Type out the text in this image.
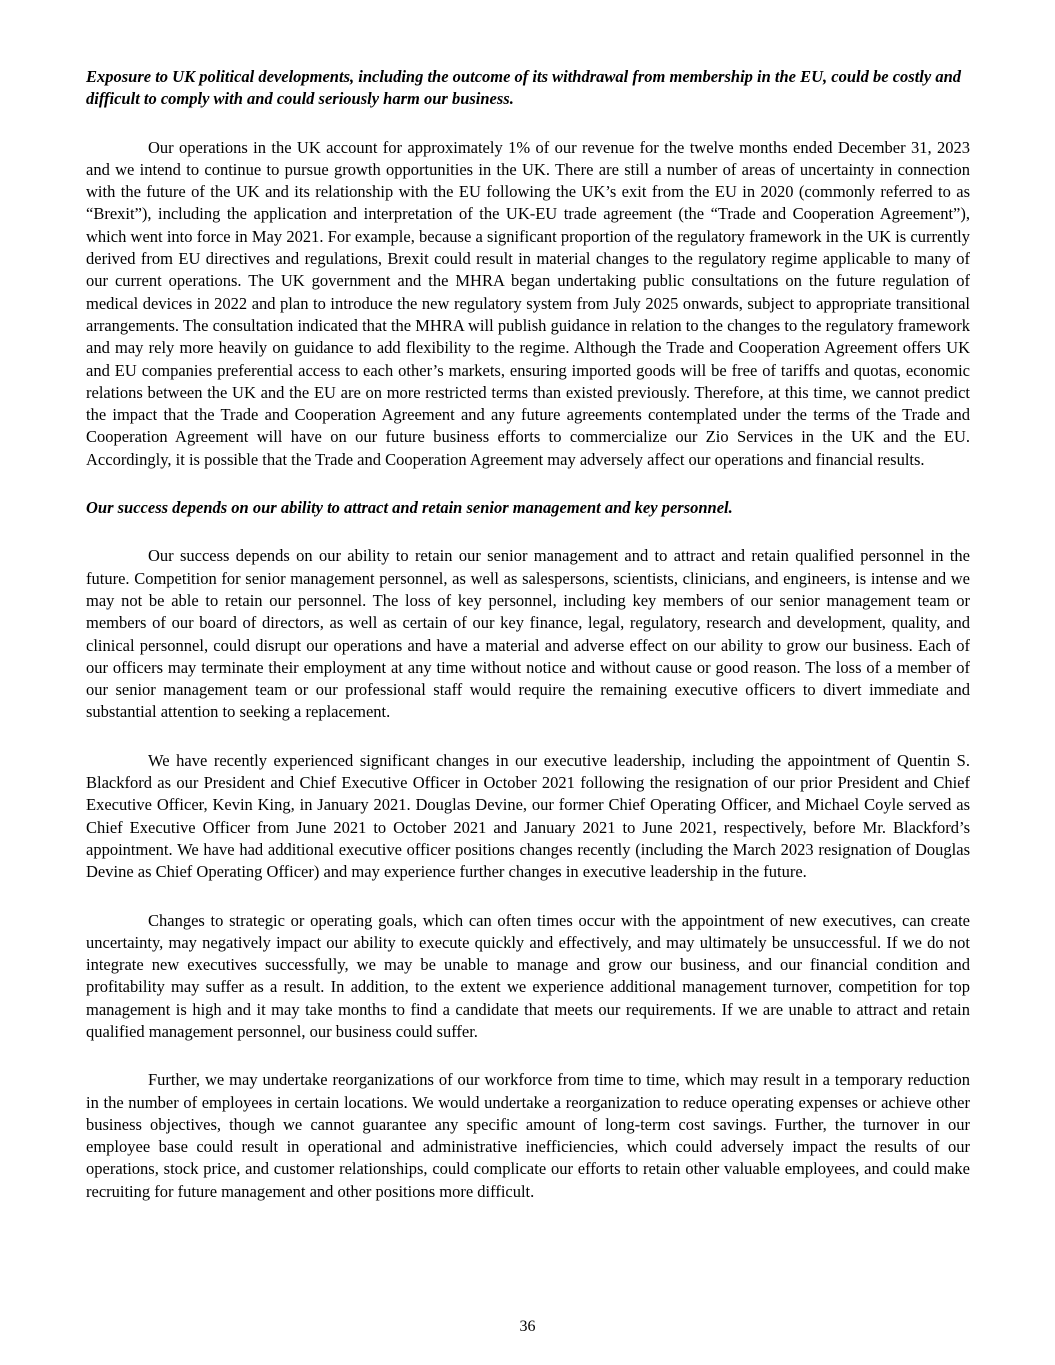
Exposure to UK political developments, including the outcome of its withdrawal from membership in the EU, could be costly and difficult to comply with and could seriously harm our business.

Our operations in the UK account for approximately 1% of our revenue for the twelve months ended December 31, 2023 and we intend to continue to pursue growth opportunities in the UK. There are still a number of areas of uncertainty in connection with the future of the UK and its relationship with the EU following the UK’s exit from the EU in 2020 (commonly referred to as “Brexit”), including the application and interpretation of the UK-EU trade agreement (the “Trade and Cooperation Agreement”), which went into force in May 2021. For example, because a significant proportion of the regulatory framework in the UK is currently derived from EU directives and regulations, Brexit could result in material changes to the regulatory regime applicable to many of our current operations. The UK government and the MHRA began undertaking public consultations on the future regulation of medical devices in 2022 and plan to introduce the new regulatory system from July 2025 onwards, subject to appropriate transitional arrangements. The consultation indicated that the MHRA will publish guidance in relation to the changes to the regulatory framework and may rely more heavily on guidance to add flexibility to the regime. Although the Trade and Cooperation Agreement offers UK and EU companies preferential access to each other’s markets, ensuring imported goods will be free of tariffs and quotas, economic relations between the UK and the EU are on more restricted terms than existed previously. Therefore, at this time, we cannot predict the impact that the Trade and Cooperation Agreement and any future agreements contemplated under the terms of the Trade and Cooperation Agreement will have on our future business efforts to commercialize our Zio Services in the UK and the EU. Accordingly, it is possible that the Trade and Cooperation Agreement may adversely affect our operations and financial results.

Our success depends on our ability to attract and retain senior management and key personnel.

Our success depends on our ability to retain our senior management and to attract and retain qualified personnel in the future. Competition for senior management personnel, as well as salespersons, scientists, clinicians, and engineers, is intense and we may not be able to retain our personnel. The loss of key personnel, including key members of our senior management team or members of our board of directors, as well as certain of our key finance, legal, regulatory, research and development, quality, and clinical personnel, could disrupt our operations and have a material and adverse effect on our ability to grow our business. Each of our officers may terminate their employment at any time without notice and without cause or good reason. The loss of a member of our senior management team or our professional staff would require the remaining executive officers to divert immediate and substantial attention to seeking a replacement.

We have recently experienced significant changes in our executive leadership, including the appointment of Quentin S. Blackford as our President and Chief Executive Officer in October 2021 following the resignation of our prior President and Chief Executive Officer, Kevin King, in January 2021. Douglas Devine, our former Chief Operating Officer, and Michael Coyle served as Chief Executive Officer from June 2021 to October 2021 and January 2021 to June 2021, respectively, before Mr. Blackford’s appointment. We have had additional executive officer positions changes recently (including the March 2023 resignation of Douglas Devine as Chief Operating Officer) and may experience further changes in executive leadership in the future.

Changes to strategic or operating goals, which can often times occur with the appointment of new executives, can create uncertainty, may negatively impact our ability to execute quickly and effectively, and may ultimately be unsuccessful. If we do not integrate new executives successfully, we may be unable to manage and grow our business, and our financial condition and profitability may suffer as a result. In addition, to the extent we experience additional management turnover, competition for top management is high and it may take months to find a candidate that meets our requirements. If we are unable to attract and retain qualified management personnel, our business could suffer.

Further, we may undertake reorganizations of our workforce from time to time, which may result in a temporary reduction in the number of employees in certain locations. We would undertake a reorganization to reduce operating expenses or achieve other business objectives, though we cannot guarantee any specific amount of long-term cost savings. Further, the turnover in our employee base could result in operational and administrative inefficiencies, which could adversely impact the results of our operations, stock price, and customer relationships, could complicate our efforts to retain other valuable employees, and could make recruiting for future management and other positions more difficult.

36
